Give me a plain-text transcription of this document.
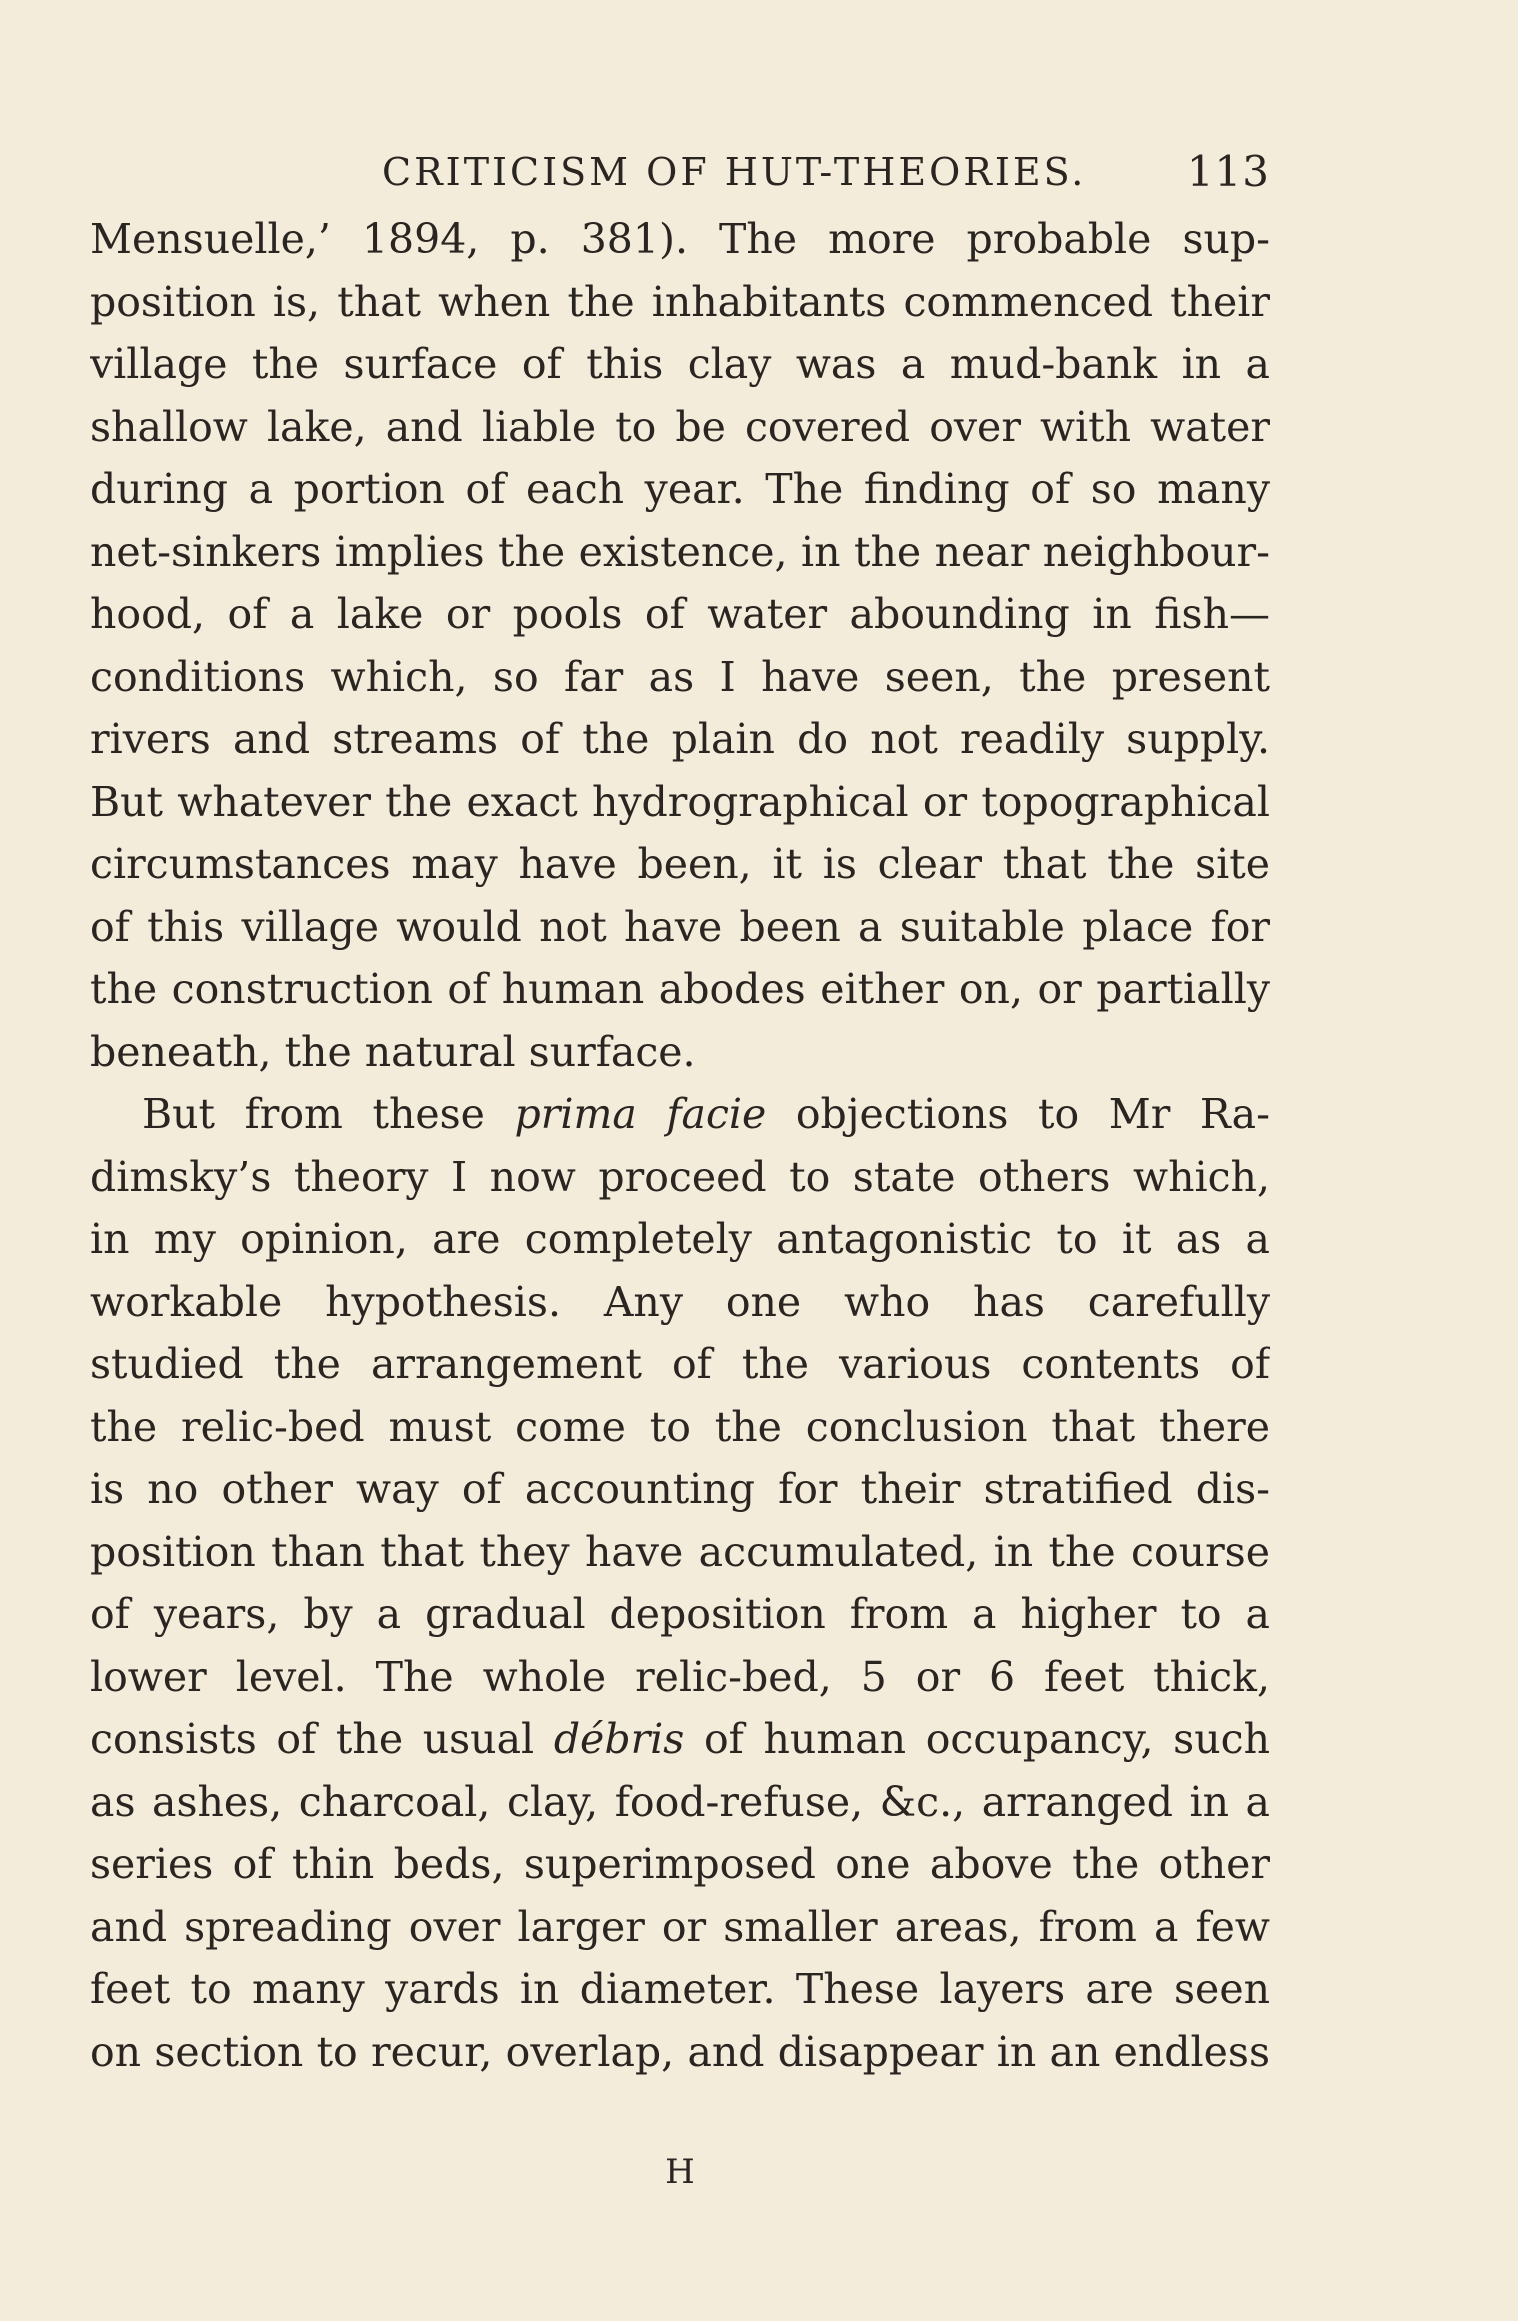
CRITICISM OF HUT-THEORIES. 113
Mensuelle,’ 1894, p. 381). The more probable sup-
position is, that when the inhabitants commenced their
village the surface of this clay was a mud-bank in a
shallow lake, and liable to be covered over with water
during a portion of each year. The finding of so many
net-sinkers implies the existence, in the near neighbour-
hood, of a lake or pools of water abounding in fish—
conditions which, so far as I have seen, the present
rivers and streams of the plain do not readily supply.
But whatever the exact hydrographical or topographical
circumstances may have been, it is clear that the site
of this village would not have been a suitable place for
the construction of human abodes either on, or partially
beneath, the natural surface.
But from these prima facie objections to Mr Ra-
dimsky’s theory I now proceed to state others which,
in my opinion, are completely antagonistic to it as a
workable hypothesis. Any one who has carefully
studied the arrangement of the various contents of
the relic-bed must come to the conclusion that there
is no other way of accounting for their stratified dis-
position than that they have accumulated, in the course
of years, by a gradual deposition from a higher to a
lower level. The whole relic-bed, 5 or 6 feet thick,
consists of the usual débris of human occupancy, such
as ashes, charcoal, clay, food-refuse, &c., arranged in a
series of thin beds, superimposed one above the other
and spreading over larger or smaller areas, from a few
feet to many yards in diameter. These layers are seen
on section to recur, overlap, and disappear in an endless
H
